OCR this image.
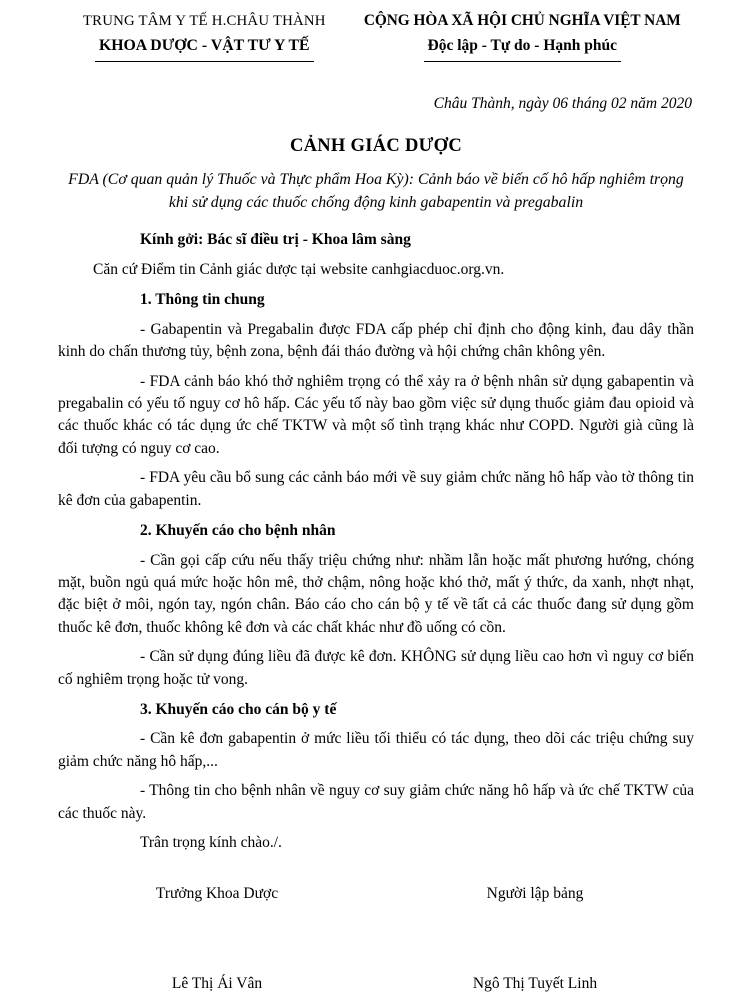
TRUNG TÂM Y TẾ H.CHÂU THÀNH
KHOA DƯỢC - VẬT TƯ Y TẾ
CỘNG HÒA XÃ HỘI CHỦ NGHĨA VIỆT NAM
Độc lập - Tự do - Hạnh phúc
Châu Thành, ngày 06 tháng 02 năm 2020
CẢNH GIÁC DƯỢC
FDA (Cơ quan quản lý Thuốc và Thực phẩm Hoa Kỳ): Cảnh báo về biến cố hô hấp nghiêm trọng khi sử dụng các thuốc chống động kinh gabapentin và pregabalin
Kính gởi: Bác sĩ điều trị - Khoa lâm sàng
Căn cứ Điểm tin Cảnh giác dược tại website canhgiacduoc.org.vn.
1. Thông tin chung

- Gabapentin và Pregabalin được FDA cấp phép chỉ định cho động kinh, đau dây thần kinh do chấn thương tủy, bệnh zona, bệnh đái tháo đường và hội chứng chân không yên.

- FDA cảnh báo khó thở nghiêm trọng có thể xảy ra ở bệnh nhân sử dụng gabapentin và pregabalin có yếu tố nguy cơ hô hấp. Các yếu tố này bao gồm việc sử dụng thuốc giảm đau opioid và các thuốc khác có tác dụng ức chế TKTW và một số tình trạng khác như COPD. Người già cũng là đối tượng có nguy cơ cao.

- FDA yêu cầu bổ sung các cảnh báo mới về suy giảm chức năng hô hấp vào tờ thông tin kê đơn của gabapentin.

2. Khuyến cáo cho bệnh nhân

- Cần gọi cấp cứu nếu thấy triệu chứng như: nhầm lẫn hoặc mất phương hướng, chóng mặt, buồn ngủ quá mức hoặc hôn mê, thở chậm, nông hoặc khó thở, mất ý thức, da xanh, nhợt nhạt, đặc biệt ở môi, ngón tay, ngón chân. Báo cáo cho cán bộ y tế về tất cả các thuốc đang sử dụng gồm thuốc kê đơn, thuốc không kê đơn và các chất khác như đồ uống có cồn.

- Cần sử dụng đúng liều đã được kê đơn. KHÔNG sử dụng liều cao hơn vì nguy cơ biến cố nghiêm trọng hoặc tử vong.

3. Khuyến cáo cho cán bộ y tế

- Cần kê đơn gabapentin ở mức liều tối thiểu có tác dụng, theo dõi các triệu chứng suy giảm chức năng hô hấp,...

- Thông tin cho bệnh nhân về nguy cơ suy giảm chức năng hô hấp và ức chế TKTW của các thuốc này.

Trân trọng kính chào./.
Trưởng Khoa Dược	Người lập bảng
Lê Thị Ái Vân	Ngô Thị Tuyết Linh
